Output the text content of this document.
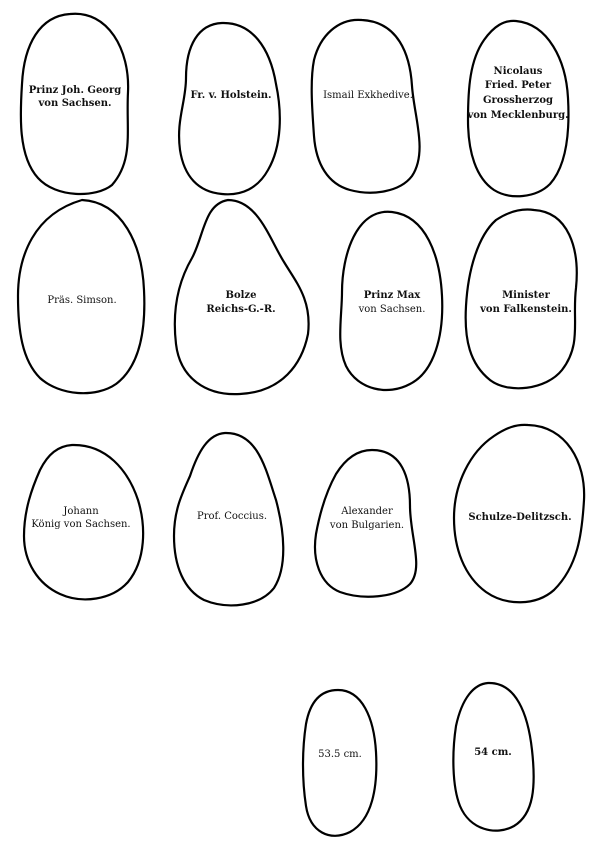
Prinz Joh. Georg
von Sachsen.
Fr. v. Holstein.	Ismail Exkhedive.
Nicolaus
Fried. Peter
Grossherzog
von Mecklenburg.
Präs. Simson.	Bolze
Reichs-G.-R.
Prinz Max
von Sachsen.
Minister
von Falkenstein.
Johann
König von Sachsen.
Prof. Coccius.	Alexander
von Bulgarien.
Schulze-Delitzsch.
53.5 cm.	54 cm.
